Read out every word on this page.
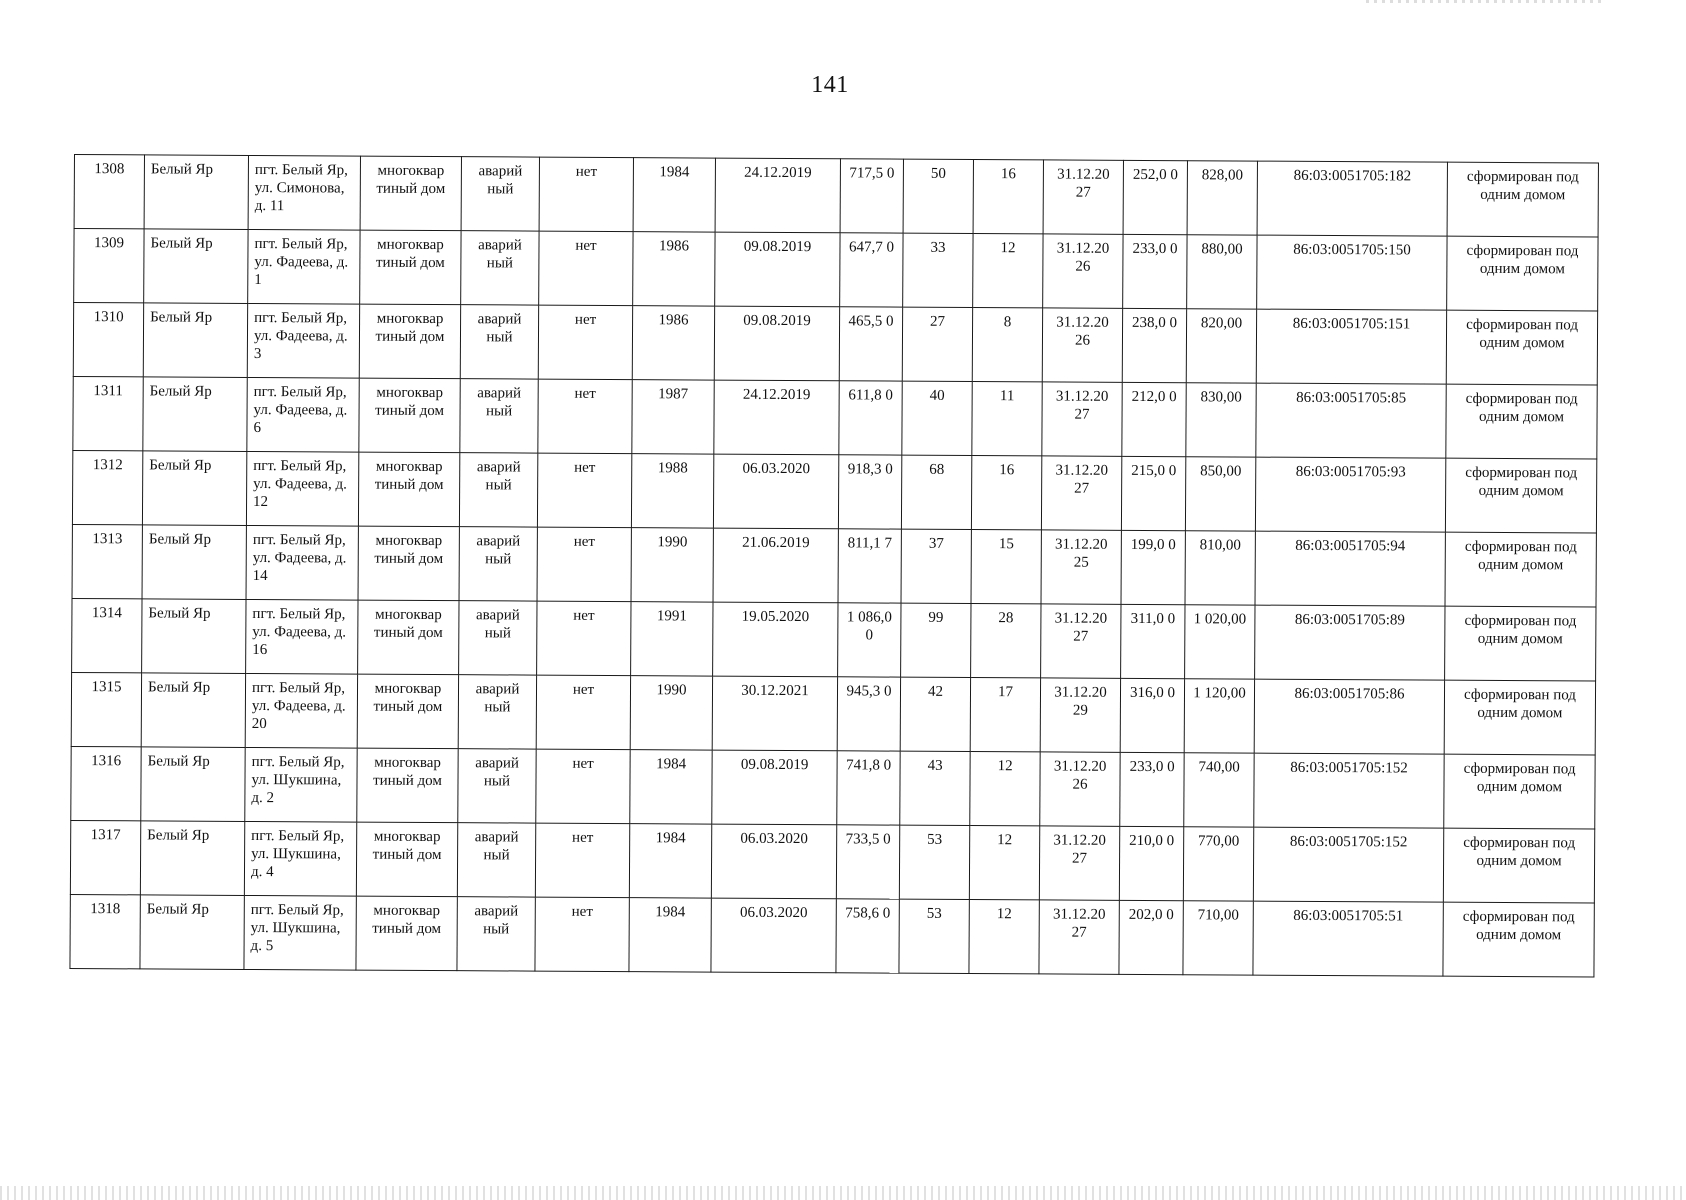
141
1308	Белый Яр	пгт. Белый Яр, ул. Симонова, д. 11	многоквар тиный дом	аварий ный	нет	1984	24.12.2019	717,5 0	50	16	31.12.20 27	252,0 0	828,00	86:03:0051705:182	сформирован под одним домом
1309	Белый Яр	пгт. Белый Яр, ул. Фадеева, д. 1	многоквар тиный дом	аварий ный	нет	1986	09.08.2019	647,7 0	33	12	31.12.20 26	233,0 0	880,00	86:03:0051705:150	сформирован под одним домом
1310	Белый Яр	пгт. Белый Яр, ул. Фадеева, д. 3	многоквар тиный дом	аварий ный	нет	1986	09.08.2019	465,5 0	27	8	31.12.20 26	238,0 0	820,00	86:03:0051705:151	сформирован под одним домом
1311	Белый Яр	пгт. Белый Яр, ул. Фадеева, д. 6	многоквар тиный дом	аварий ный	нет	1987	24.12.2019	611,8 0	40	11	31.12.20 27	212,0 0	830,00	86:03:0051705:85	сформирован под одним домом
1312	Белый Яр	пгт. Белый Яр, ул. Фадеева, д. 12	многоквар тиный дом	аварий ный	нет	1988	06.03.2020	918,3 0	68	16	31.12.20 27	215,0 0	850,00	86:03:0051705:93	сформирован под одним домом
1313	Белый Яр	пгт. Белый Яр, ул. Фадеева, д. 14	многоквар тиный дом	аварий ный	нет	1990	21.06.2019	811,1 7	37	15	31.12.20 25	199,0 0	810,00	86:03:0051705:94	сформирован под одним домом
1314	Белый Яр	пгт. Белый Яр, ул. Фадеева, д. 16	многоквар тиный дом	аварий ный	нет	1991	19.05.2020	1 086,0 0	99	28	31.12.20 27	311,0 0	1 020,00	86:03:0051705:89	сформирован под одним домом
1315	Белый Яр	пгт. Белый Яр, ул. Фадеева, д. 20	многоквар тиный дом	аварий ный	нет	1990	30.12.2021	945,3 0	42	17	31.12.20 29	316,0 0	1 120,00	86:03:0051705:86	сформирован под одним домом
1316	Белый Яр	пгт. Белый Яр, ул. Шукшина, д. 2	многоквар тиный дом	аварий ный	нет	1984	09.08.2019	741,8 0	43	12	31.12.20 26	233,0 0	740,00	86:03:0051705:152	сформирован под одним домом
1317	Белый Яр	пгт. Белый Яр, ул. Шукшина, д. 4	многоквар тиный дом	аварий ный	нет	1984	06.03.2020	733,5 0	53	12	31.12.20 27	210,0 0	770,00	86:03:0051705:152	сформирован под одним домом
1318	Белый Яр	пгт. Белый Яр, ул. Шукшина, д. 5	многоквар тиный дом	аварий ный	нет	1984	06.03.2020	758,6 0	53	12	31.12.20 27	202,0 0	710,00	86:03:0051705:51	сформирован под одним домом
